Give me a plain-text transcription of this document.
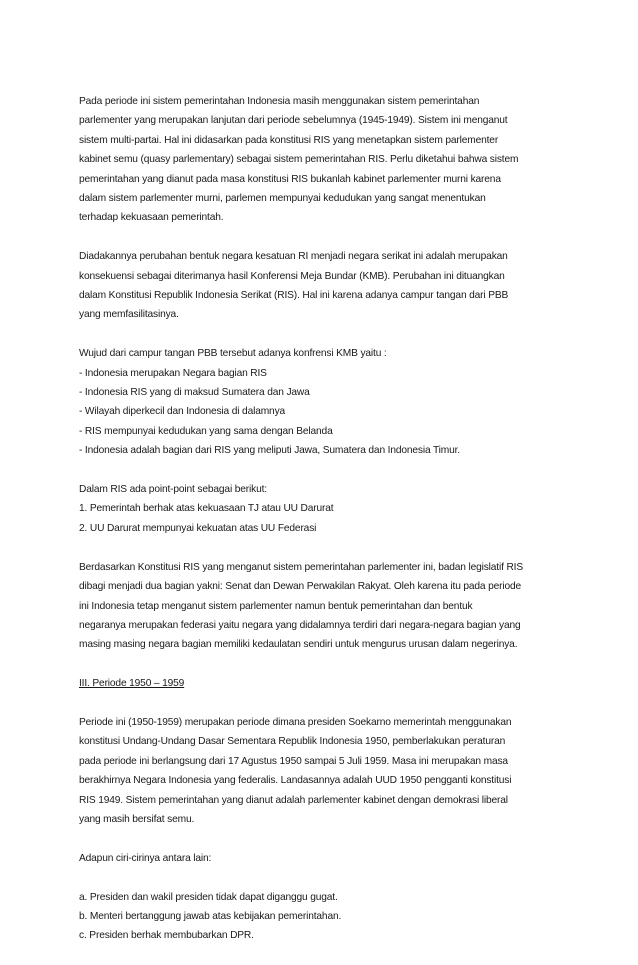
Pada periode ini sistem pemerintahan Indonesia masih menggunakan sistem pemerintahan
parlementer yang merupakan lanjutan dari periode sebelumnya (1945-1949). Sistem ini menganut
sistem multi-partai. Hal ini didasarkan pada konstitusi RIS yang menetapkan sistem parlementer
kabinet semu (quasy parlementary) sebagai sistem pemerintahan RIS. Perlu diketahui bahwa sistem
pemerintahan yang dianut pada masa konstitusi RIS bukanlah kabinet parlementer murni karena
dalam sistem parlementer murni, parlemen mempunyai kedudukan yang sangat menentukan
terhadap kekuasaan pemerintah.

Diadakannya perubahan bentuk negara kesatuan RI menjadi negara serikat ini adalah merupakan
konsekuensi sebagai diterimanya hasil Konferensi Meja Bundar (KMB). Perubahan ini dituangkan
dalam Konstitusi Republik Indonesia Serikat (RIS). Hal ini karena adanya campur tangan dari PBB
yang memfasilitasinya.

Wujud dari campur tangan PBB tersebut adanya konfrensi KMB yaitu :
- Indonesia merupakan Negara bagian RIS
- Indonesia RIS yang di maksud Sumatera dan Jawa
- Wilayah diperkecil dan Indonesia di dalamnya
- RIS mempunyai kedudukan yang sama dengan Belanda
- Indonesia adalah bagian dari RIS yang meliputi Jawa, Sumatera dan Indonesia Timur.

Dalam RIS ada point-point sebagai berikut:
1. Pemerintah berhak atas kekuasaan TJ atau UU Darurat
2. UU Darurat mempunyai kekuatan atas UU Federasi

Berdasarkan Konstitusi RIS yang menganut sistem pemerintahan parlementer ini, badan legislatif RIS
dibagi menjadi dua bagian yakni: Senat dan Dewan Perwakilan Rakyat. Oleh karena itu pada periode
ini Indonesia tetap menganut sistem parlementer namun bentuk pemerintahan dan bentuk
negaranya merupakan federasi yaitu negara yang didalamnya terdiri dari negara-negara bagian yang
masing masing negara bagian memiliki kedaulatan sendiri untuk mengurus urusan dalam negerinya.

III. Periode 1950 – 1959

Periode ini (1950-1959) merupakan periode dimana presiden Soekarno memerintah menggunakan
konstitusi Undang-Undang Dasar Sementara Republik Indonesia 1950, pemberlakukan peraturan
pada periode ini berlangsung dari 17 Agustus 1950 sampai 5 Juli 1959. Masa ini merupakan masa
berakhirnya Negara Indonesia yang federalis. Landasannya adalah UUD 1950 pengganti konstitusi
RIS 1949. Sistem pemerintahan yang dianut adalah parlementer kabinet dengan demokrasi liberal
yang masih bersifat semu.

Adapun ciri-cirinya antara lain:

a. Presiden dan wakil presiden tidak dapat diganggu gugat.
b. Menteri bertanggung jawab atas kebijakan pemerintahan.
c. Presiden berhak membubarkan DPR.
